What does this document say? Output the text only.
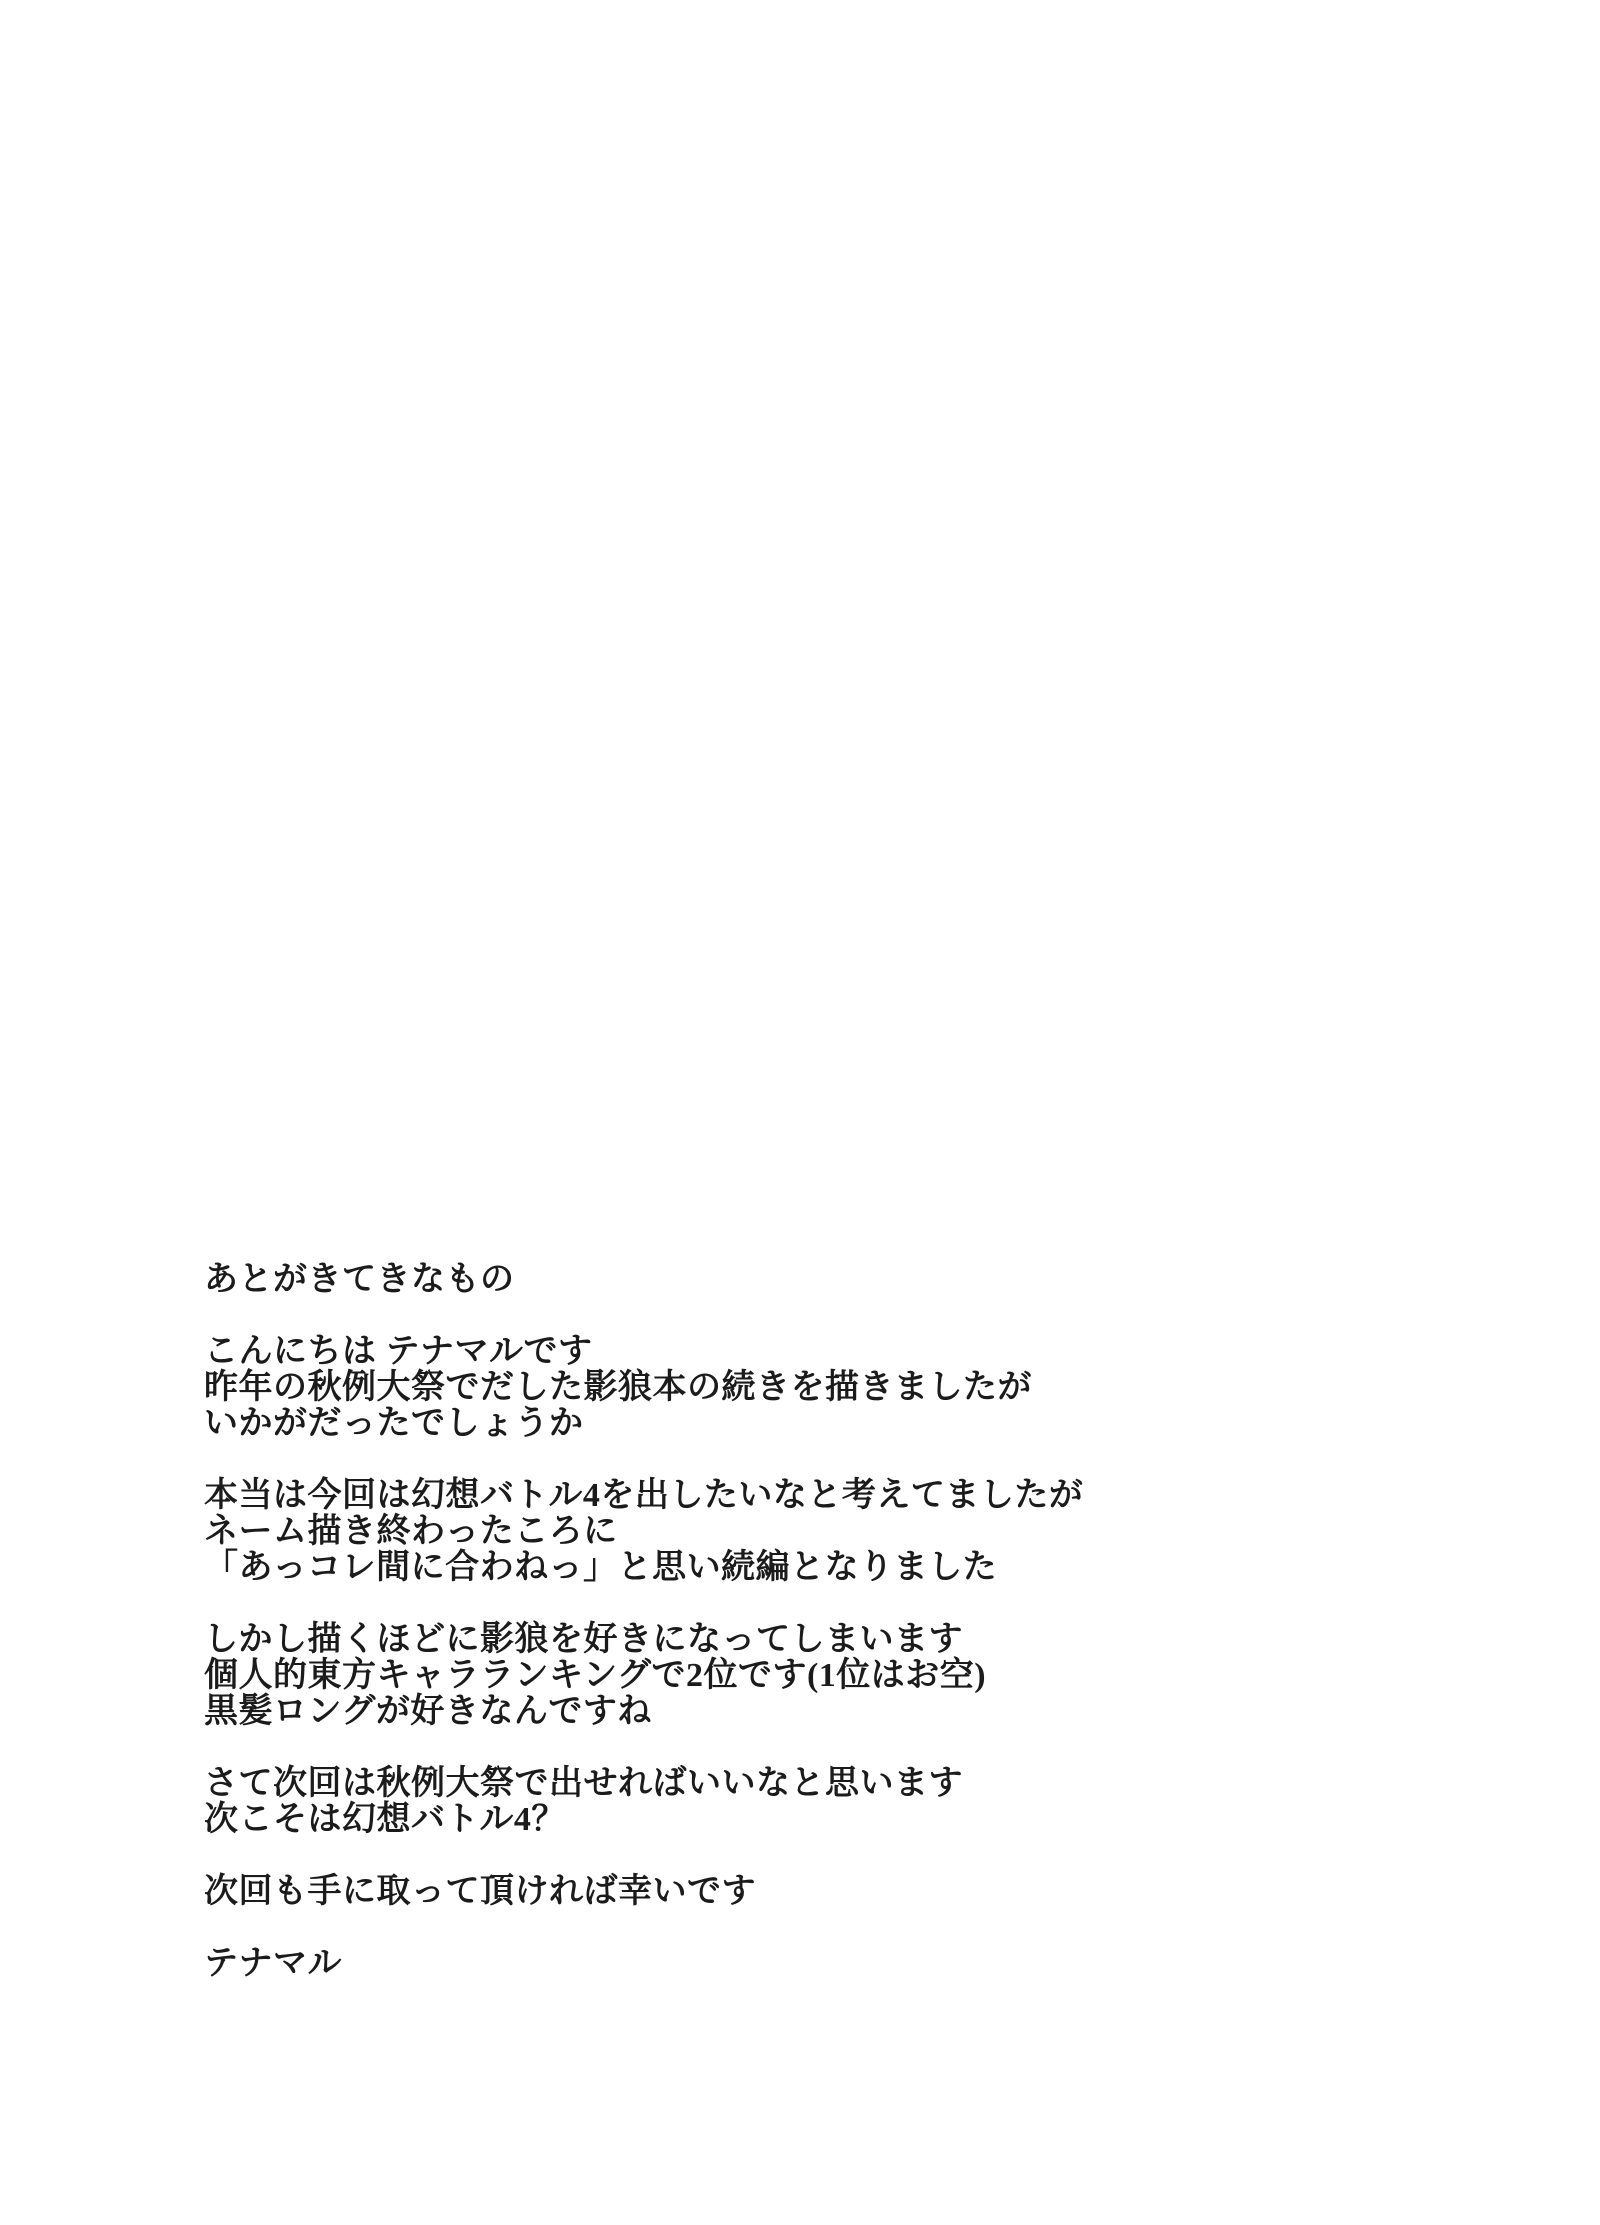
あとがきてきなもの

こんにちは テナマルです

昨年の秋例大祭でだした影狼本の続きを描きましたが

いかがだったでしょうか

本当は今回は幻想バトル4を出したいなと考えてましたが

ネーム描き終わったころに

「あっコレ間に合わねっ」と思い続編となりました

しかし描くほどに影狼を好きになってしまいます

個人的東方キャラランキングで2位です(1位はお空)

黒髪ロングが好きなんですね

さて次回は秋例大祭で出せればいいなと思います

次こそは幻想バトル4？

次回も手に取って頂ければ幸いです

テナマル
